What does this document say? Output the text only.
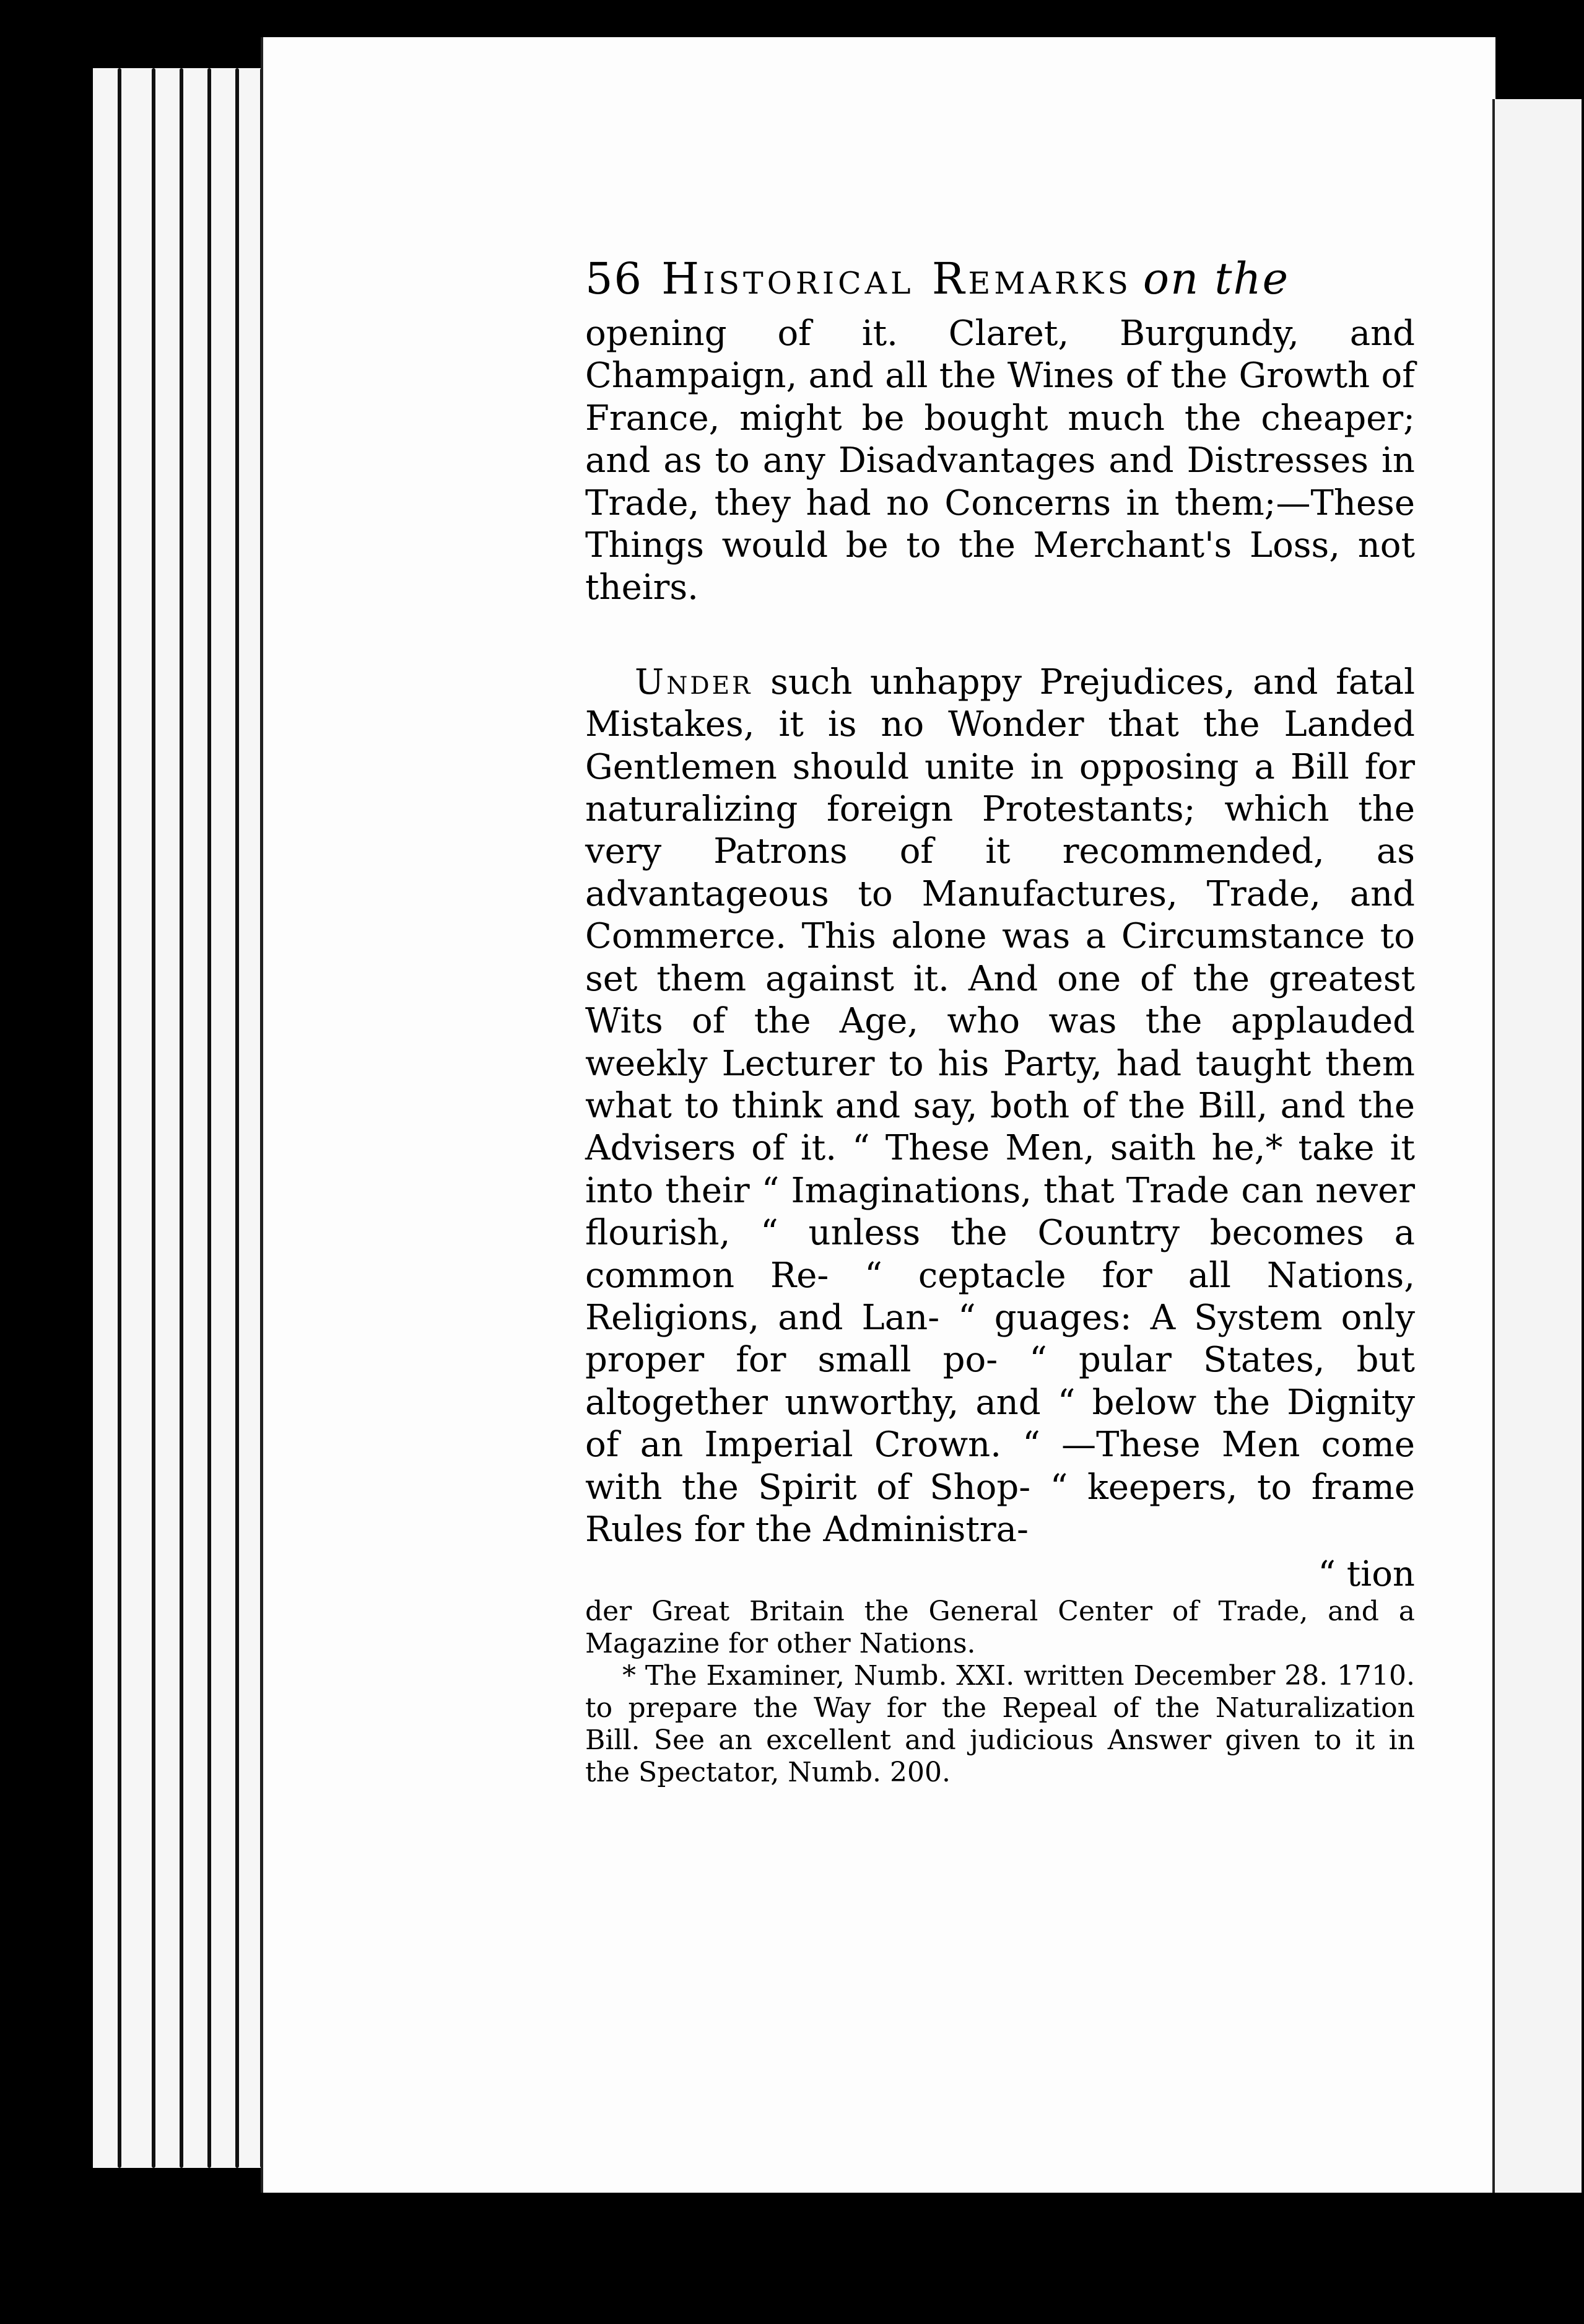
56 Historical Remarks on the

opening of it. Claret, Burgundy, and Champaign, and all the Wines of the Growth of France, might be bought much the cheaper; and as to any Disadvantages and Distresses in Trade, they had no Concerns in them;—These Things would be to the Merchant's Loss, not theirs.

Under such unhappy Prejudices, and fatal Mistakes, it is no Wonder that the Landed Gentlemen should unite in opposing a Bill for naturalizing foreign Protestants; which the very Patrons of it recommended, as advantageous to Manufactures, Trade, and Commerce. This alone was a Circumstance to set them against it. And one of the greatest Wits of the Age, who was the applauded weekly Lecturer to his Party, had taught them what to think and say, both of the Bill, and the Advisers of it. “ These Men, saith he,* take it into their “ Imaginations, that Trade can never flourish, “ unless the Country becomes a common Re- “ ceptacle for all Nations, Religions, and Lan- “ guages: A System only proper for small po- “ pular States, but altogether unworthy, and “ below the Dignity of an Imperial Crown. “ —These Men come with the Spirit of Shop- “ keepers, to frame Rules for the Administra-

“ tion

der Great Britain the General Center of Trade, and a Magazine for other Nations.

* The Examiner, Numb. XXI. written December 28. 1710. to prepare the Way for the Repeal of the Naturalization Bill. See an excellent and judicious Answer given to it in the Spectator, Numb. 200.
